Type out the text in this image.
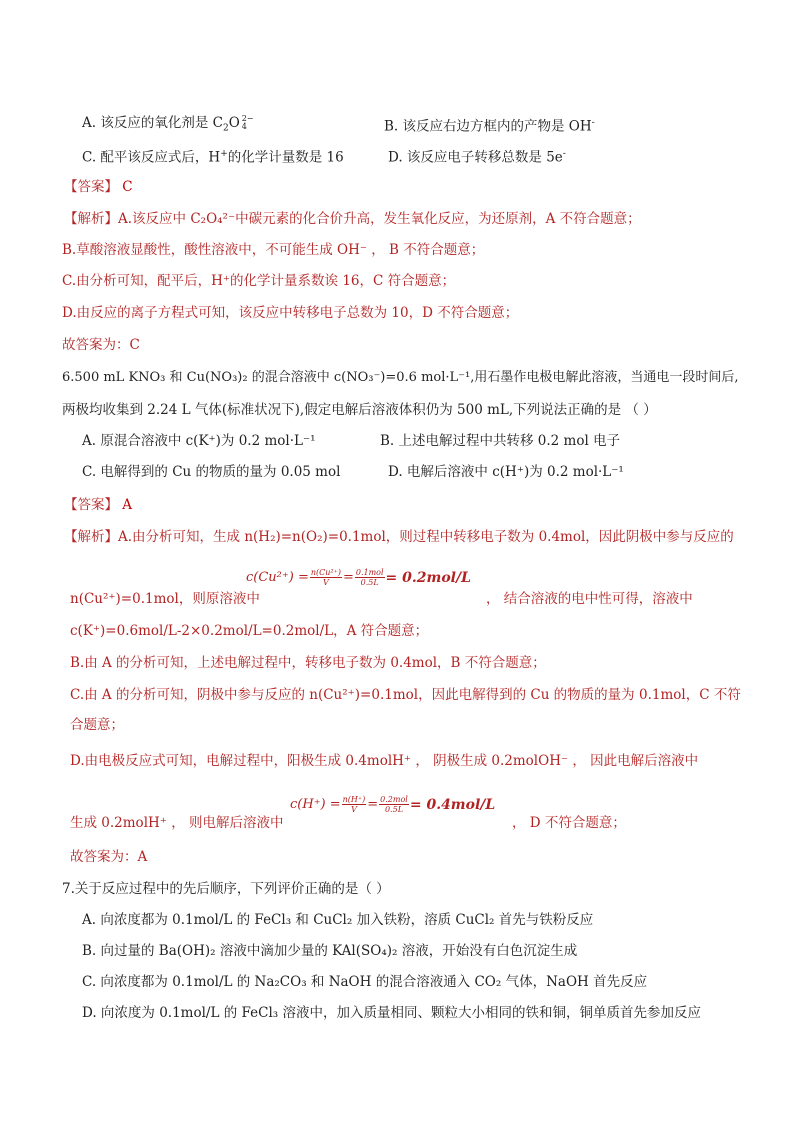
A. 该反应的氧化剂是 $C_2O$ 2−
4	B. 该反应右边方框内的产物是 OH-
C. 配平该反应式后，H+的化学计量数是 16	D. 该反应电子转移总数是 5e-
【答案】 C
【解析】A.该反应中 C₂O₄²⁻中碳元素的化合价升高，发生氧化反应，为还原剂，A 不符合题意；
B.草酸溶液显酸性，酸性溶液中，不可能生成 OH⁻ ， B 不符合题意；
C.由分析可知，配平后，H⁺的化学计量系数诶 16，C 符合题意；
D.由反应的离子方程式可知，该反应中转移电子总数为 10，D 不符合题意；
故答案为：C
6.500 mL KNO₃ 和 Cu(NO₃)₂ 的混合溶液中 c(NO₃⁻)=0.6 mol·L⁻¹,用石墨作电极电解此溶液，当通电一段时间后,
两极均收集到 2.24 L 气体(标准状况下),假定电解后溶液体积仍为 500 mL,下列说法正确的是 （ ）
A. 原混合溶液中 c(K⁺)为 0.2 mol·L⁻¹	B. 上述电解过程中共转移 0.2 mol 电子
C. 电解得到的 Cu 的物质的量为 0.05 mol	D. 电解后溶液中 c(H⁺)为 0.2 mol·L⁻¹
【答案】 A
【解析】A.由分析可知，生成 n(H₂)=n(O₂)=0.1mol，则过程中转移电子数为 0.4mol，因此阴极中参与反应的
$c(Cu^{2+}) = \frac{\text{n(Cu²⁺)}}{V} = \frac{\text{0.1mol}}{0.5L} = 0.2mol/L$
n(Cu²⁺)=0.1mol，则原溶液中	， 结合溶液的电中性可得，溶液中
c(K⁺)=0.6mol/L-2×0.2mol/L=0.2mol/L，A 符合题意；
B.由 A 的分析可知，上述电解过程中，转移电子数为 0.4mol，B 不符合题意；
C.由 A 的分析可知，阴极中参与反应的 n(Cu²⁺)=0.1mol，因此电解得到的 Cu 的物质的量为 0.1mol，C 不符
合题意；
D.由电极反应式可知，电解过程中，阳极生成 0.4molH⁺ ， 阴极生成 0.2molOH⁻ ， 因此电解后溶液中
$c(H^+) = \frac{n(H^+)}{V} = \frac{\text{0.2mol}}{0.5L} = 0.4mol/L$
生成 0.2molH⁺ ， 则电解后溶液中	， D 不符合题意；
故答案为：A
7.关于反应过程中的先后顺序，下列评价正确的是（ ）
A. 向浓度都为 0.1mol/L 的 FeCl₃ 和 CuCl₂ 加入铁粉，溶质 CuCl₂ 首先与铁粉反应
B. 向过量的 Ba(OH)₂ 溶液中滴加少量的 KAl(SO₄)₂ 溶液，开始没有白色沉淀生成
C. 向浓度都为 0.1mol/L 的 Na₂CO₃ 和 NaOH 的混合溶液通入 CO₂ 气体，NaOH 首先反应
D. 向浓度为 0.1mol/L 的 FeCl₃ 溶液中，加入质量相同、颗粒大小相同的铁和铜，铜单质首先参加反应
